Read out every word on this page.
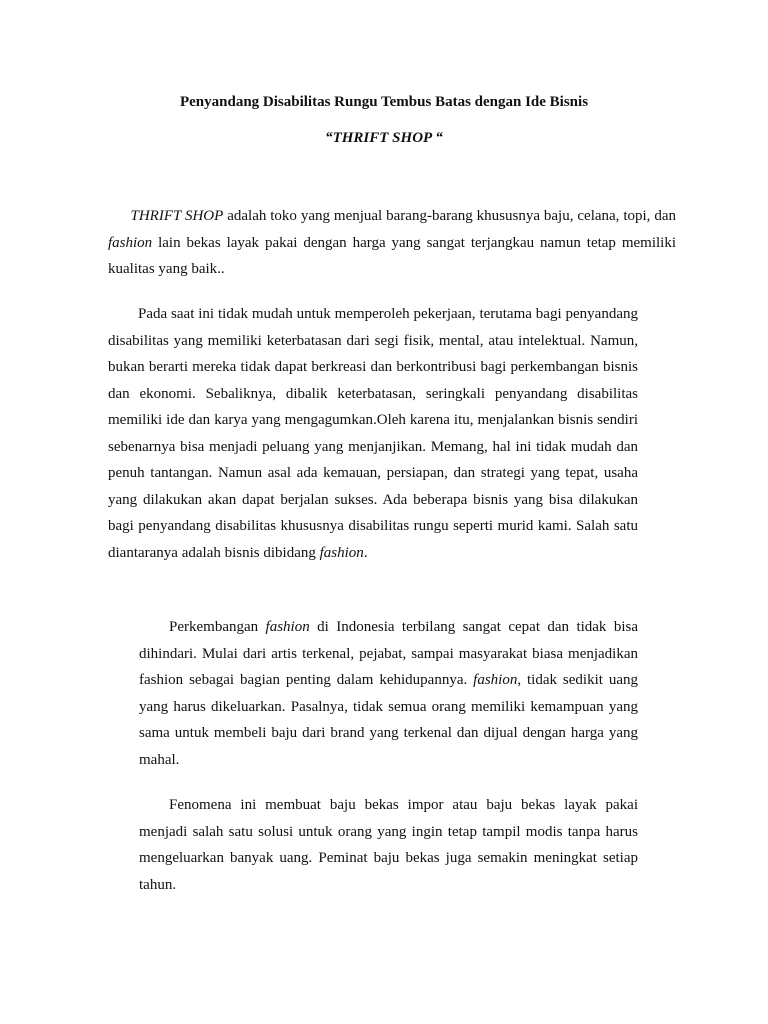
Penyandang Disabilitas Rungu Tembus Batas dengan Ide Bisnis
“THRIFT SHOP “

  THRIFT SHOP adalah toko yang menjual barang-barang khususnya baju, celana, topi, dan fashion lain bekas layak pakai dengan harga yang sangat terjangkau namun tetap memiliki kualitas yang baik..

  Pada saat ini tidak mudah untuk memperoleh pekerjaan, terutama bagi penyandang disabilitas yang memiliki keterbatasan dari segi fisik, mental, atau intelektual. Namun, bukan berarti mereka tidak dapat berkreasi dan berkontribusi bagi perkembangan bisnis dan ekonomi. Sebaliknya, dibalik keterbatasan, seringkali penyandang disabilitas memiliki ide dan karya yang mengagumkan.Oleh karena itu, menjalankan bisnis sendiri sebenarnya bisa menjadi peluang yang menjanjikan. Memang, hal ini tidak mudah dan penuh tantangan. Namun asal ada kemauan, persiapan, dan strategi yang tepat, usaha yang dilakukan akan dapat berjalan sukses. Ada beberapa bisnis yang bisa dilakukan bagi penyandang disabilitas khususnya disabilitas rungu seperti murid kami. Salah satu diantaranya adalah bisnis dibidang fashion.

  Perkembangan fashion di Indonesia terbilang sangat cepat dan tidak bisa dihindari. Mulai dari artis terkenal, pejabat, sampai masyarakat biasa menjadikan fashion sebagai bagian penting dalam kehidupannya. fashion, tidak sedikit uang yang harus dikeluarkan. Pasalnya, tidak semua orang memiliki kemampuan yang sama untuk membeli baju dari brand yang terkenal dan dijual dengan harga yang mahal.

  Fenomena ini membuat baju bekas impor atau baju bekas layak pakai menjadi salah satu solusi untuk orang yang ingin tetap tampil modis tanpa harus mengeluarkan banyak uang. Peminat baju bekas juga semakin meningkat setiap tahun.
